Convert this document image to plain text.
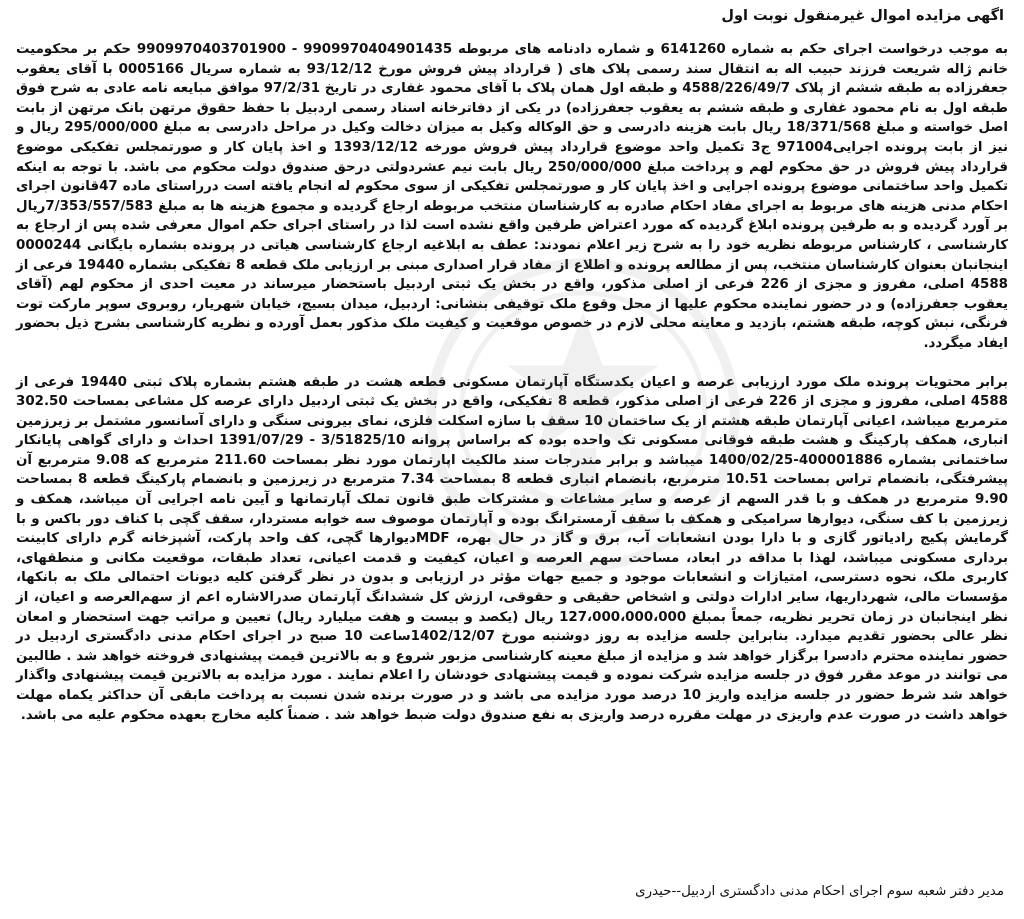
اگهی مزایده اموال غیرمنقول نوبت اول

به موجب درخواست اجرای حکم به شماره 6141260 و شماره دادنامه های مربوطه 9909970404901435 - 9909970403701900 حکم بر محکومیت خانم ژاله شریعت فرزند حبیب اله به انتقال سند رسمی پلاک های ( قرارداد پیش فروش مورخ 93/12/12 به شماره سریال 0005166 با آقای یعقوب جعفرزاده به طبقه ششم از پلاک 4588/226/49/7 و طبقه اول همان پلاک با آقای محمود غفاری در تاریخ 97/2/31 موافق مبایعه نامه عادی به شرح فوق طبقه اول به نام محمود غفاری و طبقه ششم به یعقوب جعفرزاده) در یکی از دفاترخانه اسناد رسمی اردبیل با حفظ حقوق مرتهن بانک مرتهن از بابت اصل خواسته و مبلغ 18/371/568 ریال بابت هزینه دادرسی و حق الوکاله وکیل به میزان دخالت وکیل در مراحل دادرسی به مبلغ 295/000/000 ریال و نیز از بابت پرونده اجرایی971004 ج3 تکمیل واحد موضوع قرارداد پیش فروش مورخه 1393/12/12 و اخذ پایان کار و صورتمجلس تفکیکی موضوع قرارداد پیش فروش در حق محکوم لهم و پرداخت مبلغ 250/000/000 ریال بابت نیم عشردولتی درحق صندوق دولت محکوم می باشد. با توجه به اینکه تکمیل واحد ساختمانی موضوع پرونده اجرایی و اخذ پایان کار و صورتمجلس تفکیکی از سوی محکوم له انجام یافته است درراستای ماده 47قانون اجرای احکام مدنی هزینه های مربوط به اجرای مفاد احکام صادره به کارشناسان منتخب مربوطه ارجاع گردیده و مجموع هزینه ها به مبلغ 7/353/557/583ریال بر آورد گردیده و به طرفین پرونده ابلاغ گردیده که مورد اعتراض طرفین واقع نشده است لذا در راستای اجرای حکم اموال معرفی شده پس از ارجاع به کارشناسی ، کارشناس مربوطه نظریه خود را به شرح زیر اعلام نمودند: عطف به ابلاغیه ارجاع کارشناسی هیاتی در پرونده بشماره بایگانی 0000244 اینجانبان بعنوان کارشناسان منتخب، پس از مطالعه پرونده و اطلاع از مفاد قرار اصداری مبنی بر ارزیابی ملک قطعه 8 تفکیکی بشماره 19440 فرعی از 4588 اصلی، مفروز و مجزی از 226 فرعی از اصلی مذکور، واقع در بخش یک ثبتی اردبیل باستحضار میرساند در معیت احدی از محکوم لهم (آقای یعقوب جعفرزاده) و در حضور نماینده محکوم علیها از محل وقوع ملک توقیفی بنشانی: اردبیل، میدان بسیج، خیابان شهریار، روبروی سوپر مارکت توت فرنگی، نبش کوچه، طبقه هشتم، بازدید و معاینه محلی لازم در خصوص موقعیت و کیفیت ملک مذکور بعمل آورده و نظریه کارشناسی بشرح ذیل بحضور ایفاد میگردد.

برابر محتویات پرونده ملک مورد ارزیابی عرصه و اعیان یکدستگاه آپارتمان مسکونی قطعه هشت در طبقه هشتم بشماره پلاک ثبتی 19440 فرعی از 4588 اصلی، مفروز و مجزی از 226 فرعی از اصلی مذکور، قطعه 8 تفکیکی، واقع در بخش یک ثبتی اردبیل دارای عرصه کل مشاعی بمساحت 302.50 مترمربع میباشد، اعیانی آپارتمان طبقه هشتم از یک ساختمان 10 سقف با سازه اسکلت فلزی، نمای بیرونی سنگی و دارای آسانسور مشتمل بر زیرزمین انباری، همکف پارکینگ و هشت طبقه فوقانی مسکونی تک واحده بوده که براساس پروانه 3/51825/10 - 1391/07/29 احداث و دارای گواهی پایانکار ساختمانی بشماره 400001886-1400/02/25 میباشد و برابر مندرجات سند مالکیت اپارتمان مورد نظر بمساحت 211.60 مترمربع که 9.08 مترمربع آن پیشرفتگی، بانضمام تراس بمساحت 10.51 مترمربع، بانضمام انباری قطعه 8 بمساحت 7.34 مترمربع در زیرزمین و بانضمام پارکینگ قطعه 8 بمساحت 9.90 مترمربع در همکف و با قدر السهم از عرصه و سایر مشاعات و مشترکات طبق قانون تملک آپارتمانها و آیین نامه اجرایی آن میباشد، همکف و زیرزمین با کف سنگی، دیوارها سرامیکی و همکف با سقف آرمسترانگ بوده و آپارتمان موصوف سه خوابه مستردار، سقف گچی با کناف دور باکس و با گرمایش پکیج رادیاتور گازی و با دارا بودن انشعابات آب، برق و گاز در حال بهره، MDFدیوارها گچی، کف واحد پارکت، آشپزخانه گرم دارای کابینت برداری مسکونی میباشد، لهذا با مداقه در ابعاد، مساحت سهم العرصه و اعیان، کیفیت و قدمت اعیانی، تعداد طبقات، موقعیت مکانی و منطقهای، کاربری ملک، نحوه دسترسی، امتیازات و انشعابات موجود و جمیع جهات مؤثر در ارزیابی و بدون در نظر گرفتن کلیه دیونات احتمالی ملک به بانکها، مؤسسات مالی، شهرداریها، سایر ادارات دولتی و اشخاص حقیقی و حقوقی، ارزش کل ششدانگ آپارتمان صدرالاشاره اعم از سهم‌العرصه و اعیان، از نظر اینجانبان در زمان تحریر نظریه، جمعاً بمبلغ 127،000،000،000 ریال (یکصد و بیست و هفت میلیارد ریال) تعیین و مراتب جهت استحضار و امعان نظر عالی بحضور تقدیم میدارد. بنابراین جلسه مزایده به روز دوشنبه مورخ 1402/12/07ساعت 10 صبح در اجرای احکام مدنی دادگستری اردبیل در حضور نماینده محترم دادسرا برگزار خواهد شد و مزایده از مبلغ معینه کارشناسی مزبور شروع و به بالاترین قیمت پیشنهادی فروخته خواهد شد . طالبین می توانند در موعد مقرر فوق در جلسه مزایده شرکت نموده و قیمت پیشنهادی خودشان را اعلام نمایند . مورد مزایده به بالاترین قیمت پیشنهادی واگذار خواهد شد شرط حضور در جلسه مزایده واریز 10 درصد مورد مزایده می باشد و در صورت برنده شدن نسبت به پرداخت مابقی آن حداکثر یکماه مهلت خواهد داشت در صورت عدم واریزی در مهلت مقرره درصد واریزی به نفع صندوق دولت ضبط خواهد شد . ضمناً کلیه مخارج بعهده محکوم علیه می باشد.

مدیر دفتر شعبه سوم اجرای احکام مدنی دادگستری اردبیل--حیدری
